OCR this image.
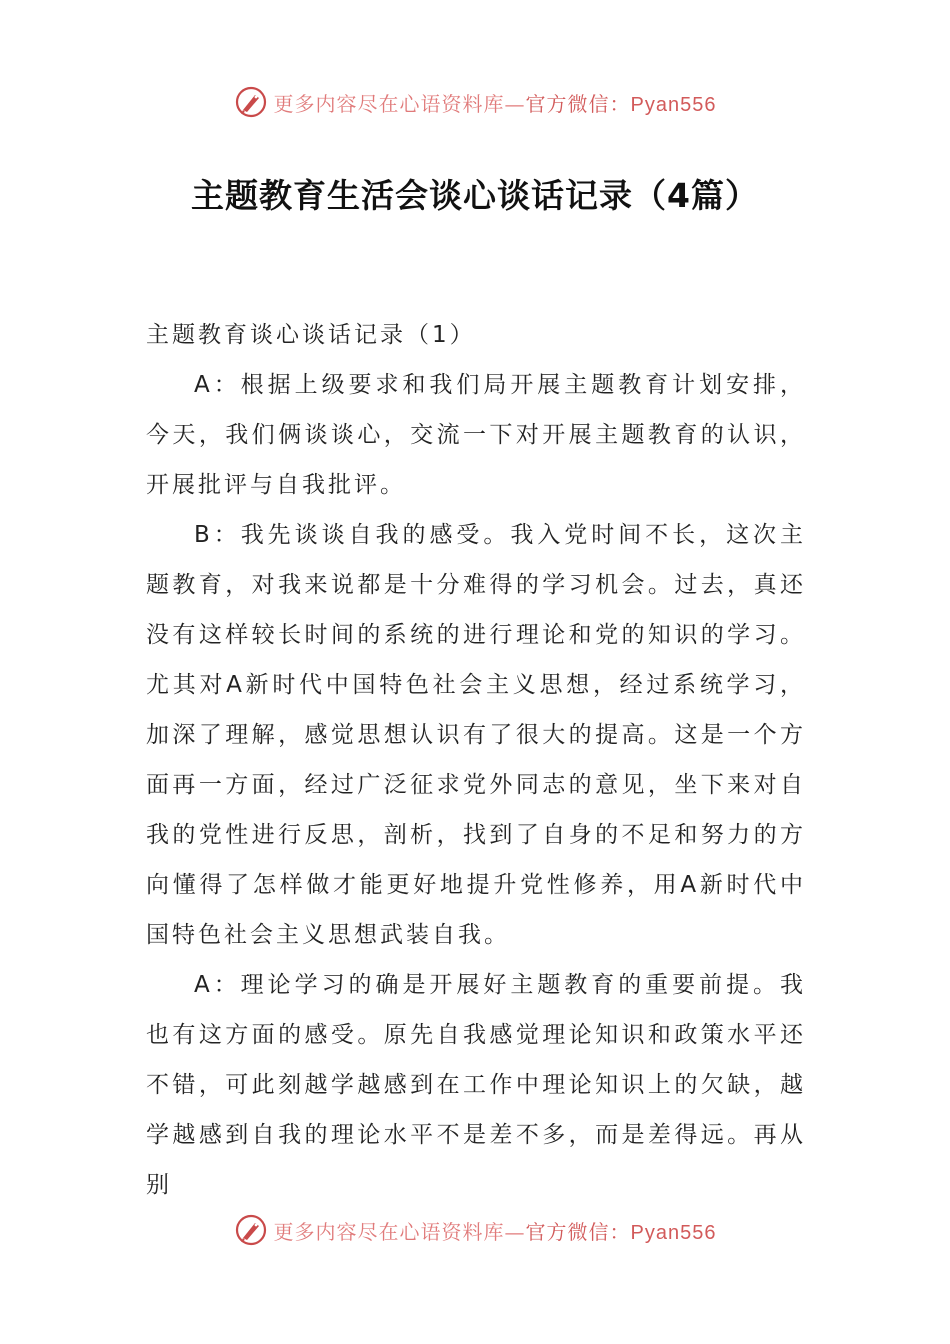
更多内容尽在心语资料库—官方微信：Pyan556
主题教育生活会谈心谈话记录（4篇）

主题教育谈心谈话记录（1）

A：根据上级要求和我们局开展主题教育计划安排，今天，我们俩谈谈心，交流一下对开展主题教育的认识，开展批评与自我批评。

B：我先谈谈自我的感受。我入党时间不长，这次主题教育，对我来说都是十分难得的学习机会。过去，真还没有这样较长时间的系统的进行理论和党的知识的学习。尤其对A新时代中国特色社会主义思想，经过系统学习，加深了理解，感觉思想认识有了很大的提高。这是一个方面再一方面，经过广泛征求党外同志的意见，坐下来对自我的党性进行反思，剖析，找到了自身的不足和努力的方向懂得了怎样做才能更好地提升党性修养，用A新时代中国特色社会主义思想武装自我。

A：理论学习的确是开展好主题教育的重要前提。我也有这方面的感受。原先自我感觉理论知识和政策水平还不错，可此刻越学越感到在工作中理论知识上的欠缺，越学越感到自我的理论水平不是差不多，而是差得远。再从别

更多内容尽在心语资料库—官方微信：Pyan556
